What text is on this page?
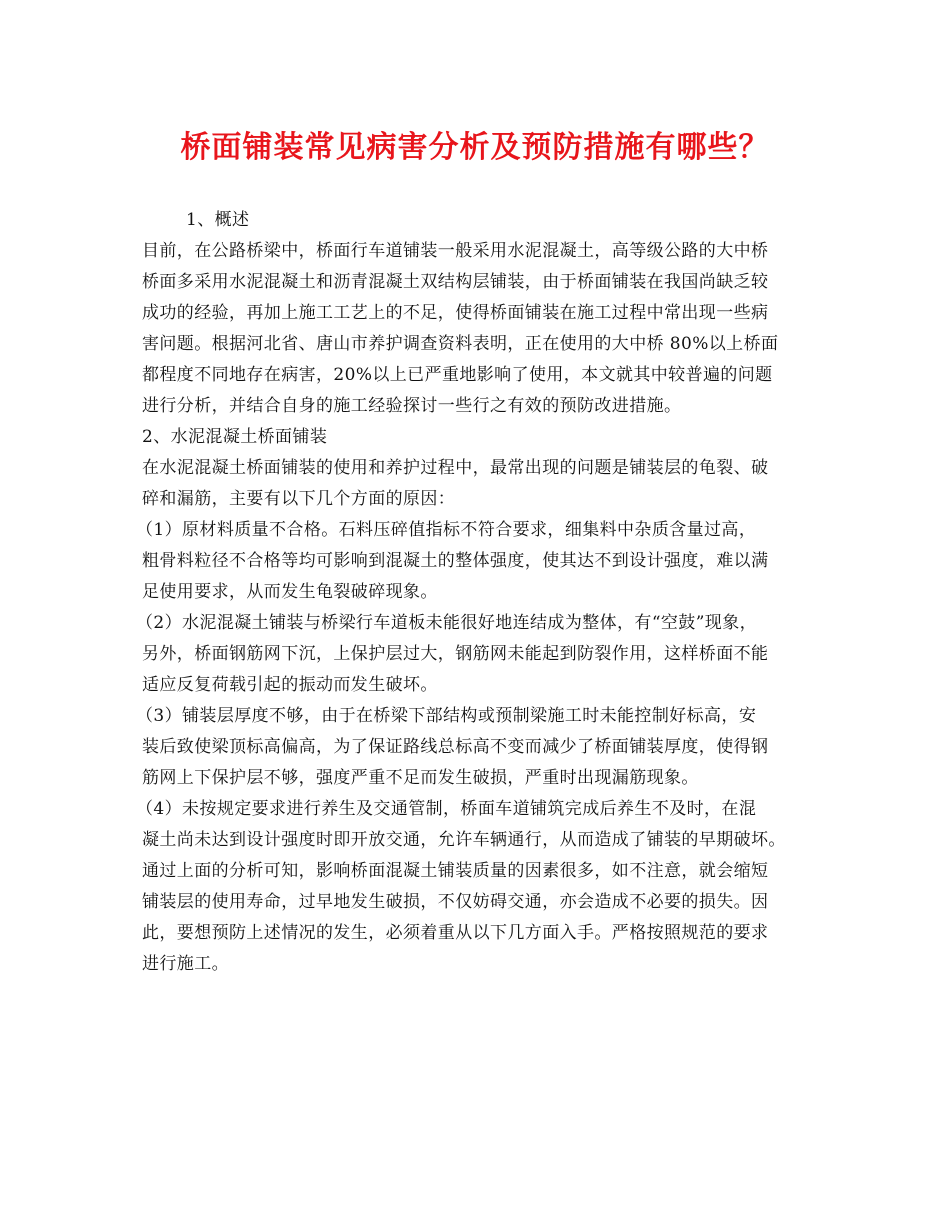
桥面铺装常见病害分析及预防措施有哪些？
1、概述
目前，在公路桥梁中，桥面行车道铺装一般采用水泥混凝土，高等级公路的大中桥
桥面多采用水泥混凝土和沥青混凝土双结构层铺装，由于桥面铺装在我国尚缺乏较
成功的经验，再加上施工工艺上的不足，使得桥面铺装在施工过程中常出现一些病
害问题。根据河北省、唐山市养护调查资料表明，正在使用的大中桥 80%以上桥面
都程度不同地存在病害，20%以上已严重地影响了使用，本文就其中较普遍的问题
进行分析，并结合自身的施工经验探讨一些行之有效的预防改进措施。
2、水泥混凝土桥面铺装
在水泥混凝土桥面铺装的使用和养护过程中，最常出现的问题是铺装层的龟裂、破
碎和漏筋，主要有以下几个方面的原因：
（1）原材料质量不合格。石料压碎值指标不符合要求，细集料中杂质含量过高，
粗骨料粒径不合格等均可影响到混凝土的整体强度，使其达不到设计强度，难以满
足使用要求，从而发生龟裂破碎现象。
（2）水泥混凝土铺装与桥梁行车道板未能很好地连结成为整体，有“空鼓”现象，
另外，桥面钢筋网下沉，上保护层过大，钢筋网未能起到防裂作用，这样桥面不能
适应反复荷载引起的振动而发生破坏。
（3）铺装层厚度不够，由于在桥梁下部结构或预制梁施工时未能控制好标高，安
装后致使梁顶标高偏高，为了保证路线总标高不变而减少了桥面铺装厚度，使得钢
筋网上下保护层不够，强度严重不足而发生破损，严重时出现漏筋现象。
（4）未按规定要求进行养生及交通管制，桥面车道铺筑完成后养生不及时，在混
凝土尚未达到设计强度时即开放交通，允许车辆通行，从而造成了铺装的早期破坏。
通过上面的分析可知，影响桥面混凝土铺装质量的因素很多，如不注意，就会缩短
铺装层的使用寿命，过早地发生破损，不仅妨碍交通，亦会造成不必要的损失。因
此，要想预防上述情况的发生，必须着重从以下几方面入手。严格按照规范的要求
进行施工。
